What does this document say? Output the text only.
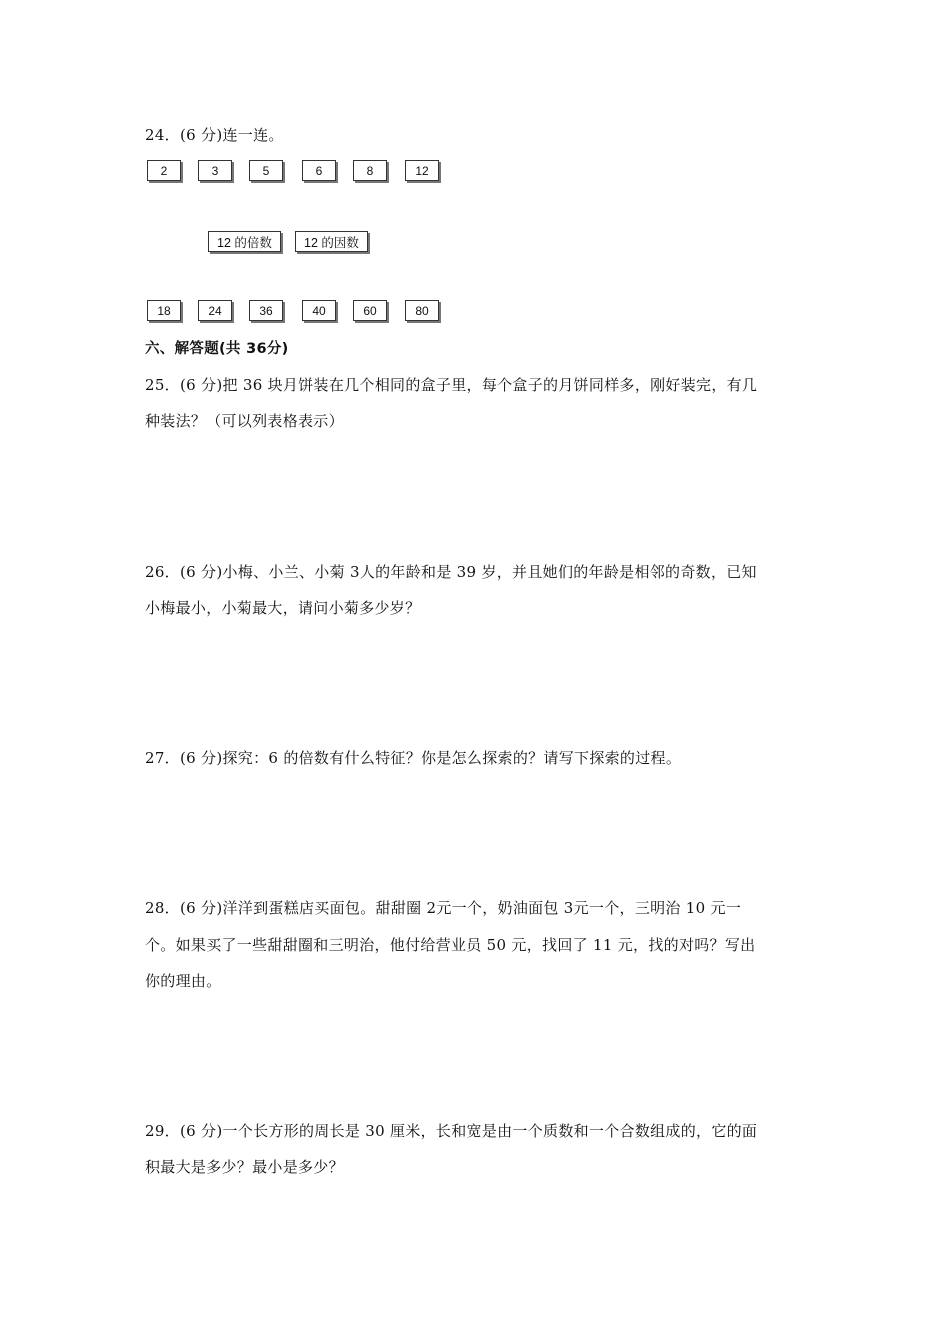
24．(6 分)连一连。
2	3	5	6	8	12
12 的倍数	12 的因数
18	24	36	40	60	80
六、解答题(共 36分)
25．(6 分)把 36 块月饼装在几个相同的盒子里，每个盒子的月饼同样多，刚好装完，有几
种装法？（可以列表格表示）
26．(6 分)小梅、小兰、小菊 3人的年龄和是 39 岁，并且她们的年龄是相邻的奇数，已知
小梅最小，小菊最大，请问小菊多少岁？
27．(6 分)探究：6 的倍数有什么特征？你是怎么探索的？请写下探索的过程。
28．(6 分)洋洋到蛋糕店买面包。甜甜圈 2元一个，奶油面包 3元一个，三明治 10 元一
个。如果买了一些甜甜圈和三明治，他付给营业员 50 元，找回了 11 元，找的对吗？写出
你的理由。
29．(6 分)一个长方形的周长是 30 厘米，长和宽是由一个质数和一个合数组成的，它的面
积最大是多少？最小是多少？
